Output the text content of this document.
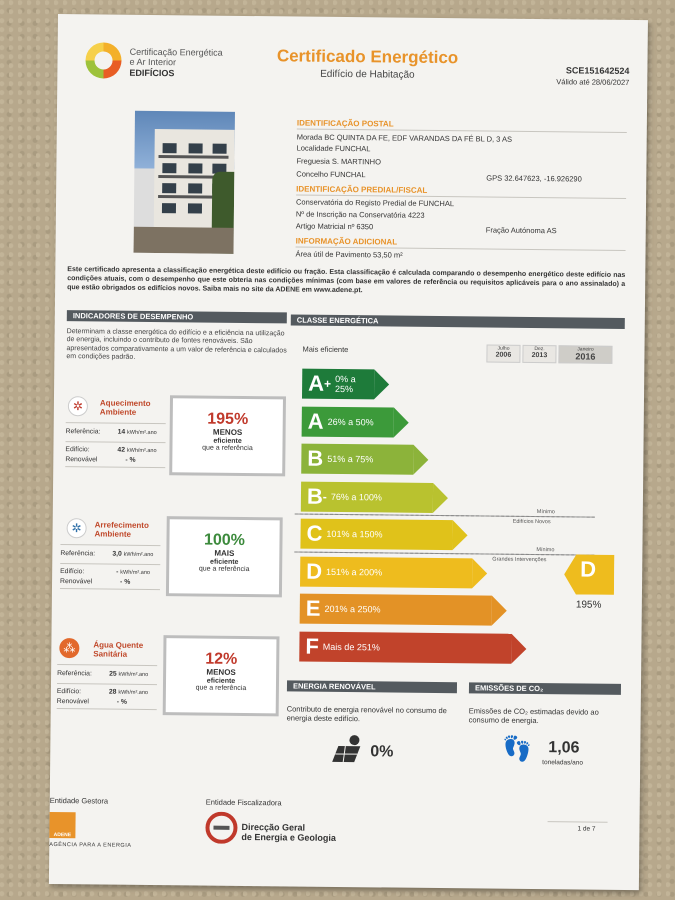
Certificação Energética
e Ar Interior
EDIFÍCIOS
Certificado Energético
Edifício de Habitação	SCE151642524
Válido até 28/06/2027
IDENTIFICAÇÃO POSTAL
Morada BC QUINTA DA FE, EDF VARANDAS DA FÉ BL D, 3 AS
Localidade FUNCHAL
Freguesia S. MARTINHO
Concelho FUNCHAL	GPS 32.647623, -16.926290
IDENTIFICAÇÃO PREDIAL/FISCAL
Conservatória do Registo Predial de FUNCHAL
Nº de Inscrição na Conservatória 4223
Artigo Matricial nº 6350	Fração Autónoma AS
INFORMAÇÃO ADICIONAL
Área útil de Pavimento 53,50 m²
Este certificado apresenta a classificação energética deste edifício ou fração. Esta classificação é calculada comparando o desempenho energético deste edifício nas condições atuais, com o desempenho que este obteria nas condições mínimas (com base em valores de referência ou requisitos aplicáveis para o ano assinalado) a que estão obrigados os edifícios novos. Saiba mais no site da ADENE em www.adene.pt.
INDICADORES DE DESEMPENHO
Determinam a classe energética do edifício e a eficiência na utilização de energia, incluindo o contributo de fontes renováveis. São apresentados comparativamente a um valor de referência e calculados em condições padrão.
✲	Aquecimento
Ambiente
Referência:	14 kWh/m².ano
Edifício:	42 kWh/m².ano
Renovável	- %
195%
MENOS
eficiente
que a referência
✲	Arrefecimento
Ambiente
Referência:	3,0 kWh/m².ano
Edifício:	- kWh/m².ano
Renovável	- %
100%
MAIS
eficiente
que a referência
⁂	Água Quente
Sanitária
Referência:	25 kWh/m².ano
Edifício:	28 kWh/m².ano
Renovável	- %
12%
MENOS
eficiente
que a referência
CLASSE ENERGÉTICA
Mais eficiente	Julho
2006
Dez.
2013
Janeiro
2016
A + 0% a 25%
A 26% a 50%
B 51% a 75%
B - 76% a 100%
C 101% a 150%
D 151% a 200%
E 201% a 250%
F Mais de 251%
Mínimo
Edifícios Novos
Mínimo
Grandes Intervenções D
195%
ENERGIA RENOVÁVEL
Contributo de energia renovável no consumo de energia deste edifício.
0%
EMISSÕES DE CO₂
Emissões de CO₂ estimadas devido ao consumo de energia.
👣 1,06
toneladas/ano
Entidade Gestora
ADENE
AGÊNCIA PARA A ENERGIA
Entidade Fiscalizadora
Direcção Geral
de Energia e Geologia
1 de 7
